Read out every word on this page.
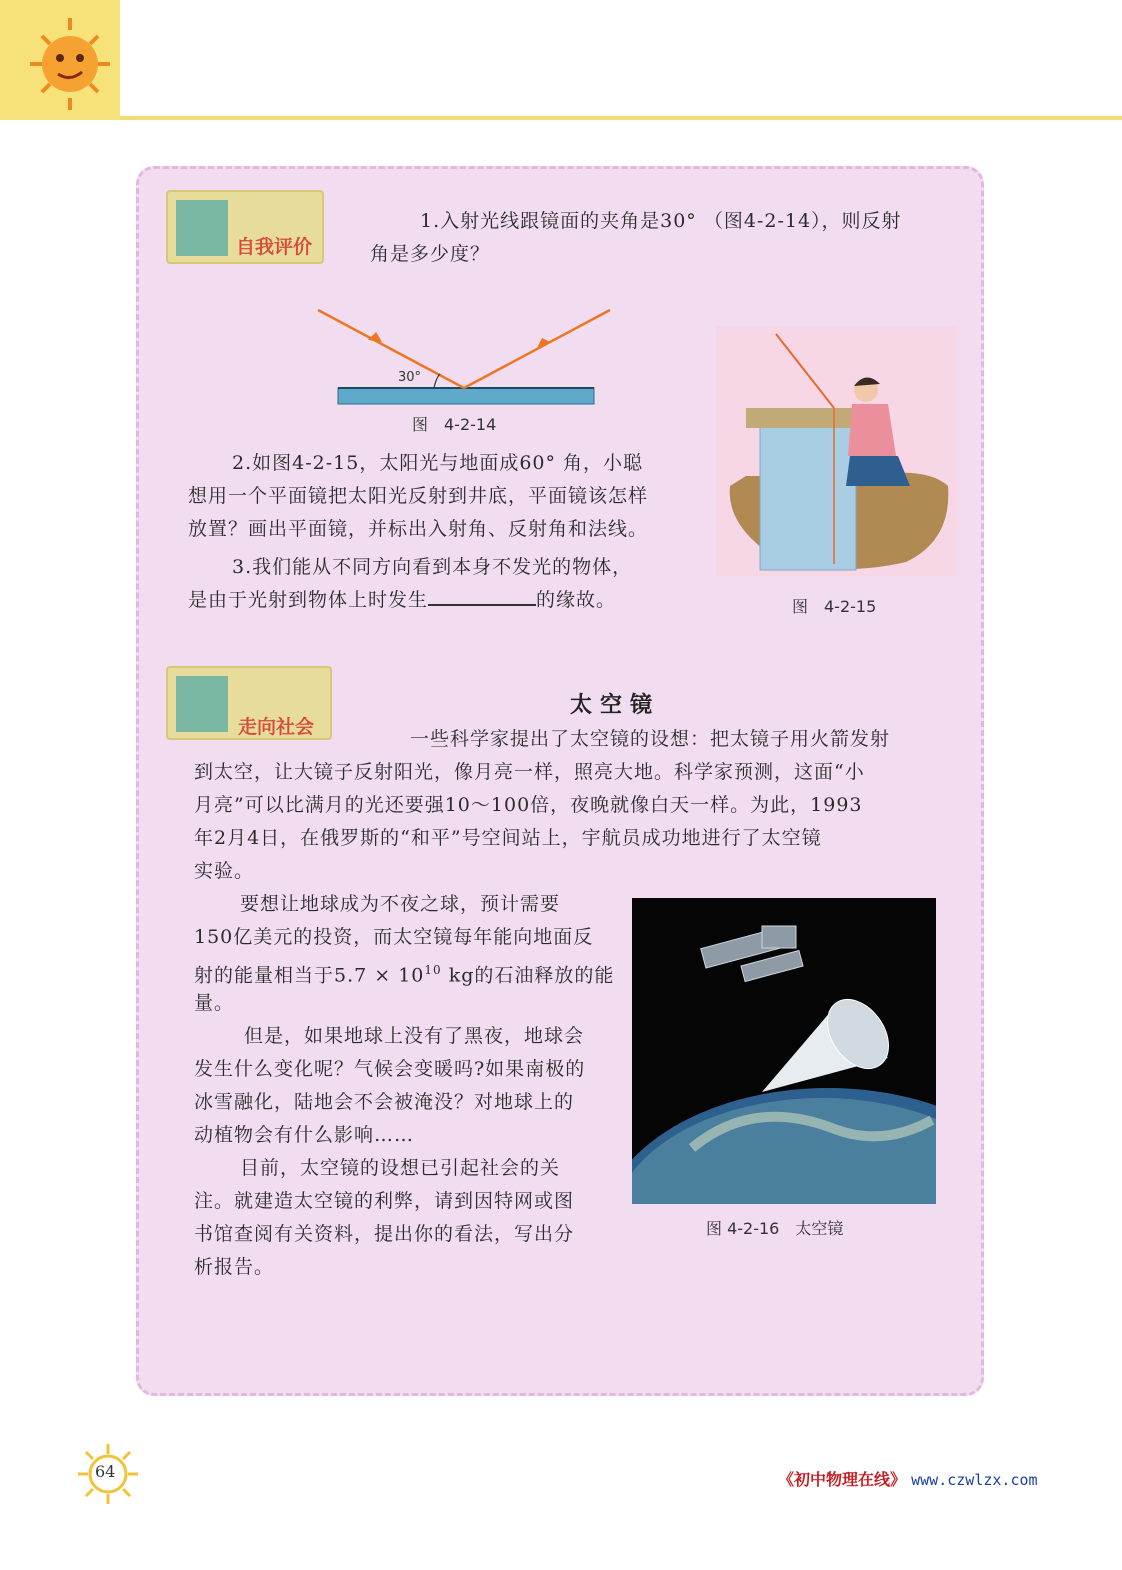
自我评价
1.入射光线跟镜面的夹角是30° （图4-2-14），则反射
角是多少度？
30°
图　4-2-14
2.如图4-2-15，太阳光与地面成60° 角，小聪
想用一个平面镜把太阳光反射到井底，平面镜该怎样
放置？画出平面镜，并标出入射角、反射角和法线。
3.我们能从不同方向看到本身不发光的物体，
是由于光射到物体上时发生	的缘故。	图　4-2-15
走向社会
太空镜
一些科学家提出了太空镜的设想：把太镜子用火箭发射
到太空，让大镜子反射阳光，像月亮一样，照亮大地。科学家预测，这面“小
月亮”可以比满月的光还要强10～100倍，夜晚就像白天一样。为此，1993
年2月4日，在俄罗斯的“和平”号空间站上，宇航员成功地进行了太空镜
实验。
要想让地球成为不夜之球，预计需要
150亿美元的投资，而太空镜每年能向地面反
射的能量相当于$5.7 \times 10^{10}$ kg的石油释放的能
量。
但是，如果地球上没有了黑夜，地球会
发生什么变化呢？气候会变暖吗?如果南极的
冰雪融化，陆地会不会被淹没？对地球上的
动植物会有什么影响……
目前，太空镜的设想已引起社会的关
注。就建造太空镜的利弊，请到因特网或图
书馆查阅有关资料，提出你的看法，写出分
析报告。
图 4-2-16　太空镜
64	《初中物理在线》 www.czwlzx.com
